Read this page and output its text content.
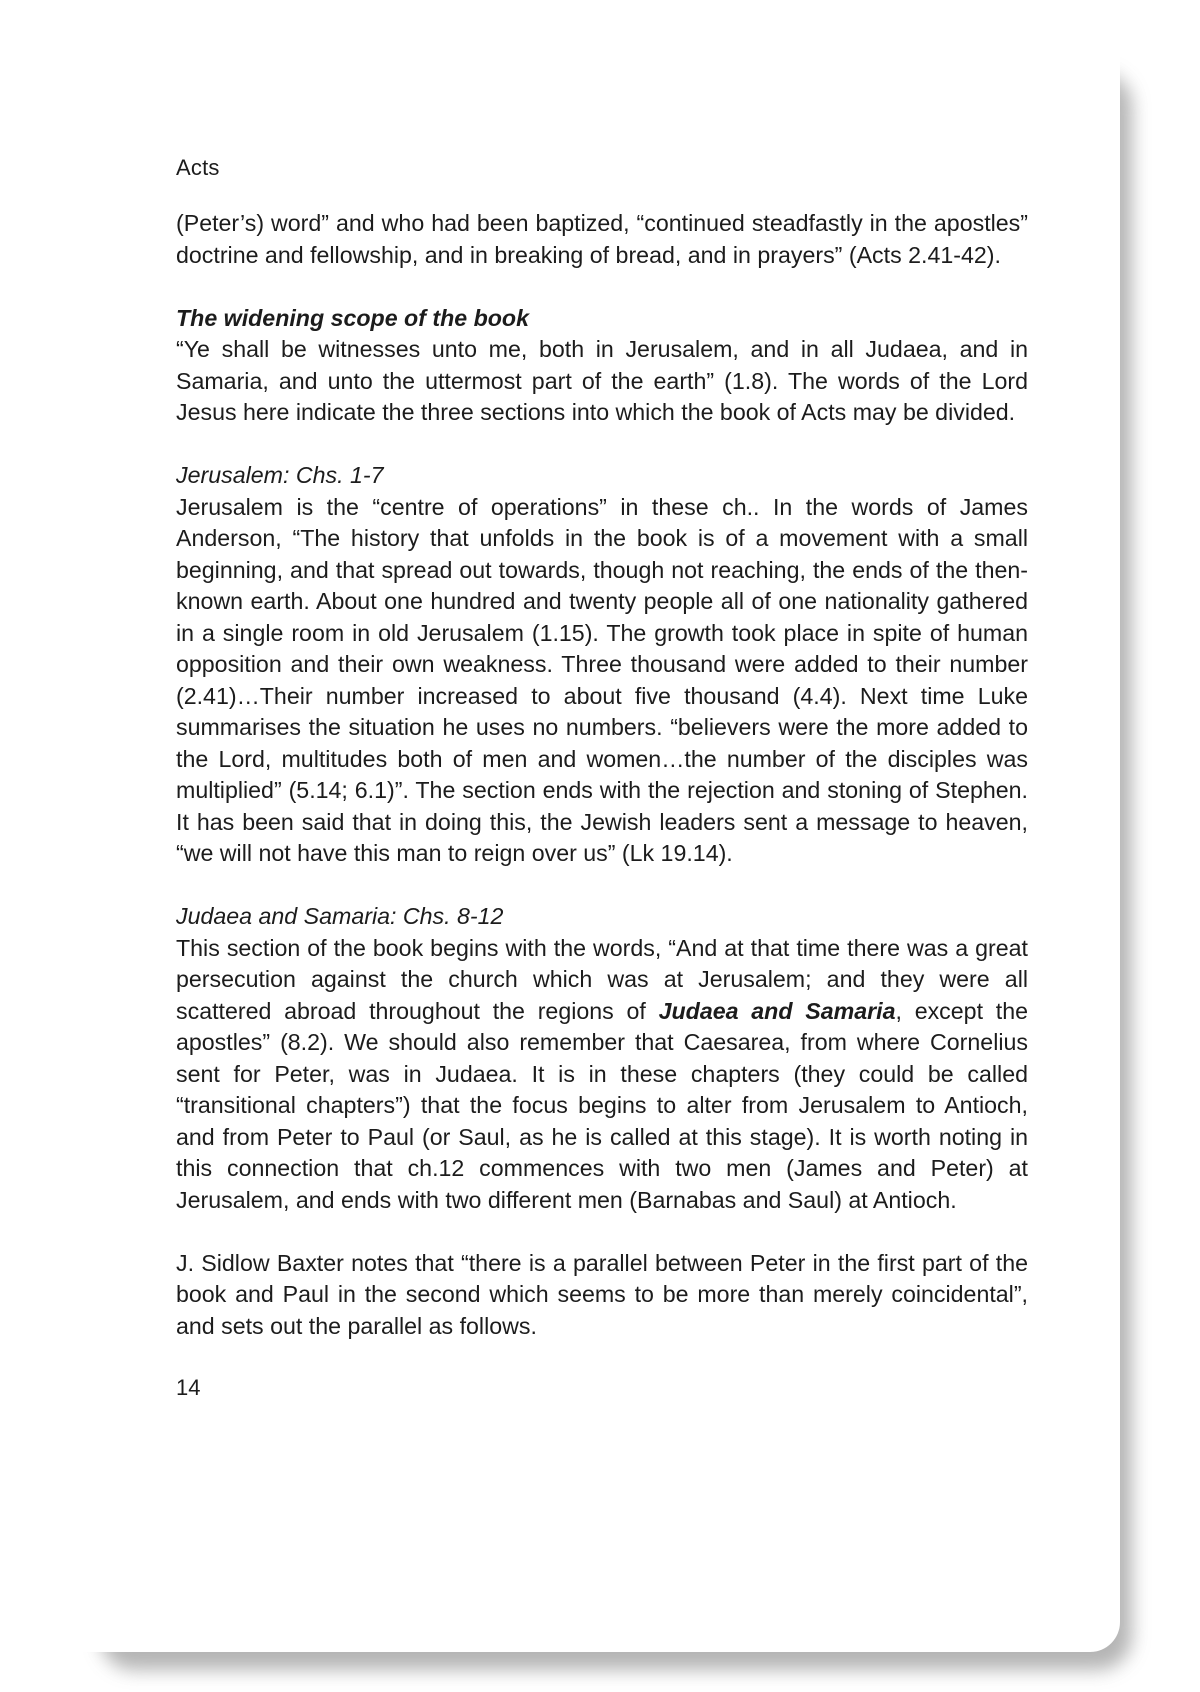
Acts

(Peter’s) word” and who had been baptized, “continued steadfastly in the apostles” doctrine and fellowship, and in breaking of bread, and in prayers” (Acts 2.41-42).

The widening scope of the book

“Ye shall be witnesses unto me, both in Jerusalem, and in all Judaea, and in Samaria, and unto the uttermost part of the earth” (1.8). The words of the Lord Jesus here indicate the three sections into which the book of Acts may be divided.

Jerusalem: Chs. 1-7

Jerusalem is the “centre of operations” in these ch.. In the words of James Anderson, “The history that unfolds in the book is of a movement with a small beginning, and that spread out towards, though not reaching, the ends of the then-known earth. About one hundred and twenty people all of one nationality gathered in a single room in old Jerusalem (1.15). The growth took place in spite of human opposition and their own weakness. Three thousand were added to their number (2.41)…Their number increased to about five thousand (4.4). Next time Luke summarises the situation he uses no numbers. “believers were the more added to the Lord, multitudes both of men and women…the number of the disciples was multiplied” (5.14; 6.1)”. The section ends with the rejection and stoning of Stephen. It has been said that in doing this, the Jewish leaders sent a message to heaven, “we will not have this man to reign over us” (Lk 19.14).

Judaea and Samaria: Chs. 8-12

This section of the book begins with the words, “And at that time there was a great persecution against the church which was at Jerusalem; and they were all scattered abroad throughout the regions of Judaea and Samaria, except the apostles” (8.2). We should also remember that Caesarea, from where Cornelius sent for Peter, was in Judaea. It is in these chapters (they could be called “transitional chapters”) that the focus begins to alter from Jerusalem to Antioch, and from Peter to Paul (or Saul, as he is called at this stage). It is worth noting in this connection that ch.12 commences with two men (James and Peter) at Jerusalem, and ends with two different men (Barnabas and Saul) at Antioch.

J. Sidlow Baxter notes that “there is a parallel between Peter in the first part of the book and Paul in the second which seems to be more than merely coincidental”, and sets out the parallel as follows.

14
